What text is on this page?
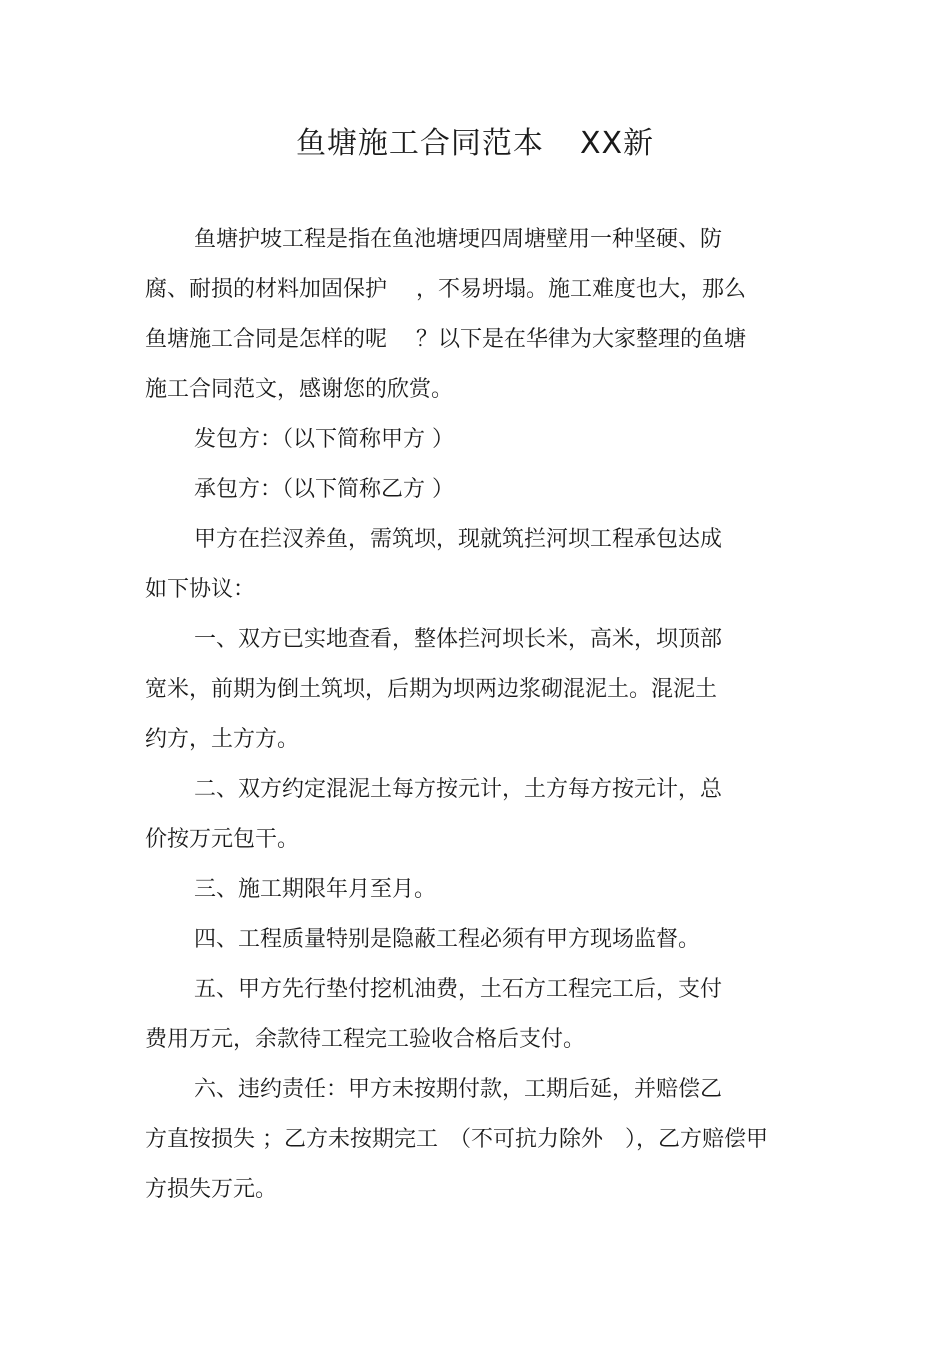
鱼塘施工合同范本 XX新
鱼塘护坡工程是指在鱼池塘埂四周塘壁用一种坚硬、防
腐、耐损的材料加固保护　 ，不易坍塌。施工难度也大，那么
鱼塘施工合同是怎样的呢　 ？以下是在华律为大家整理的鱼塘
施工合同范文，感谢您的欣赏。
发包方：（以下简称甲方 ）
承包方：（以下简称乙方 ）
甲方在拦汊养鱼，需筑坝，现就筑拦河坝工程承包达成
如下协议：
一、双方已实地查看，整体拦河坝长米，高米，坝顶部
宽米，前期为倒土筑坝，后期为坝两边浆砌混泥土。混泥土
约方，土方方。
二、双方约定混泥土每方按元计，土方每方按元计，总
价按万元包干。
三、施工期限年月至月。
四、工程质量特别是隐蔽工程必须有甲方现场监督。
五、甲方先行垫付挖机油费，土石方工程完工后，支付
费用万元，余款待工程完工验收合格后支付。
六、违约责任：甲方未按期付款，工期后延，并赔偿乙
方直按损失 ；乙方未按期完工　（不可抗力除外　），乙方赔偿甲
方损失万元。
